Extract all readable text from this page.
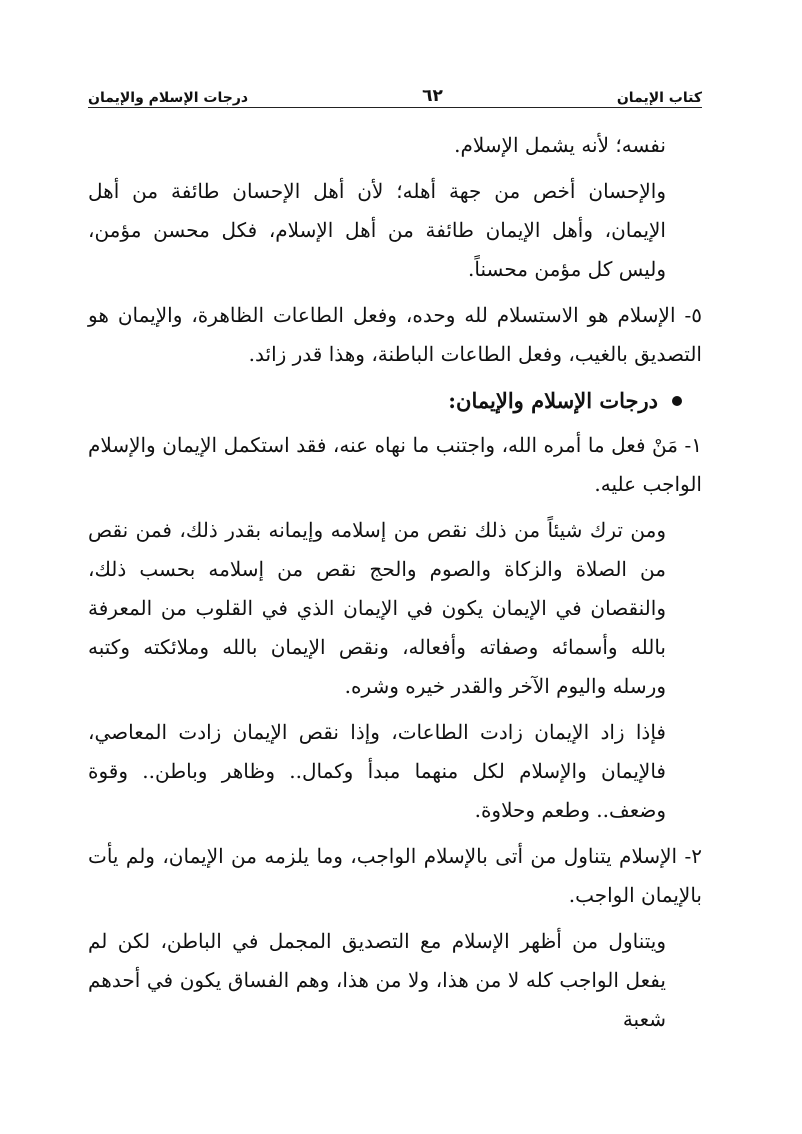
كتاب الإيمان
٦٢
درجات الإسلام والإيمان

نفسه؛ لأنه يشمل الإسلام.

والإحسان أخص من جهة أهله؛ لأن أهل الإحسان طائفة من أهل الإيمان، وأهل الإيمان طائفة من أهل الإسلام، فكل محسن مؤمن، وليس كل مؤمن محسناً.

٥- الإسلام هو الاستسلام لله وحده، وفعل الطاعات الظاهرة، والإيمان هو التصديق بالغيب، وفعل الطاعات الباطنة، وهذا قدر زائد.

درجات الإسلام والإيمان:

١- مَنْ فعل ما أمره الله، واجتنب ما نهاه عنه، فقد استكمل الإيمان والإسلام الواجب عليه.

ومن ترك شيئاً من ذلك نقص من إسلامه وإيمانه بقدر ذلك، فمن نقص من الصلاة والزكاة والصوم والحج نقص من إسلامه بحسب ذلك، والنقصان في الإيمان يكون في الإيمان الذي في القلوب من المعرفة بالله وأسمائه وصفاته وأفعاله، ونقص الإيمان بالله وملائكته وكتبه ورسله واليوم الآخر والقدر خيره وشره.

فإذا زاد الإيمان زادت الطاعات، وإذا نقص الإيمان زادت المعاصي، فالإيمان والإسلام لكل منهما مبدأ وكمال.. وظاهر وباطن.. وقوة وضعف.. وطعم وحلاوة.

٢- الإسلام يتناول من أتى بالإسلام الواجب، وما يلزمه من الإيمان، ولم يأت بالإيمان الواجب.

ويتناول من أظهر الإسلام مع التصديق المجمل في الباطن، لكن لم يفعل الواجب كله لا من هذا، ولا من هذا، وهم الفساق يكون في أحدهم شعبة
